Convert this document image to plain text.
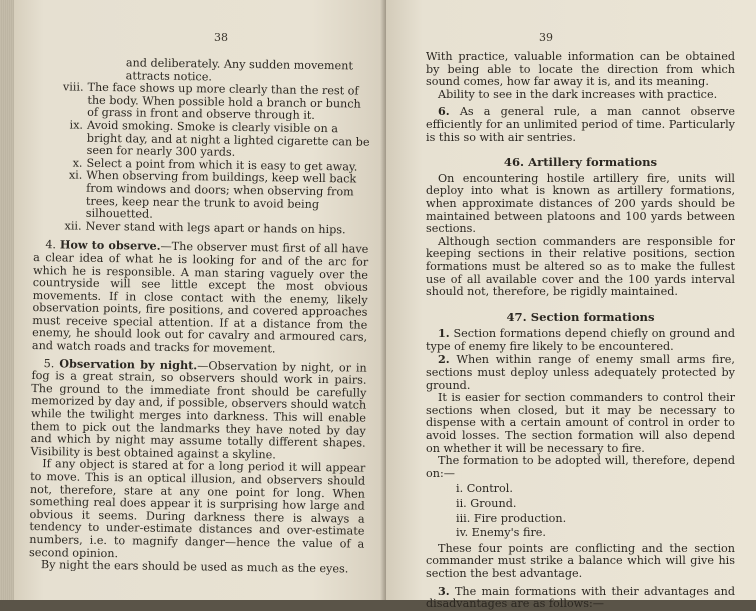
38

and deliberately. Any sudden movement

attracts notice.

viii. The face shows up more clearly than the rest of the body. When possible hold a branch or bunch of grass in front and observe through it.
ix. Avoid smoking. Smoke is clearly visible on a bright day, and at night a lighted cigarette can be seen for nearly 300 yards.
x. Select a point from which it is easy to get away.
xi. When observing from buildings, keep well back from windows and doors; when observing from trees, keep near the trunk to avoid being silhouetted.
xii. Never stand with legs apart or hands on hips.

4. How to observe.—The observer must first of all have a clear idea of what he is looking for and of the arc for which he is responsible. A man staring vaguely over the countryside will see little except the most obvious movements. If in close contact with the enemy, likely observation points, fire positions, and covered approaches must receive special attention. If at a distance from the enemy, he should look out for cavalry and armoured cars, and watch roads and tracks for movement.

5. Observation by night.—Observation by night, or in fog is a great strain, so observers should work in pairs. The ground to the immediate front should be carefully memorized by day and, if possible, observers should watch while the twilight merges into darkness. This will enable them to pick out the landmarks they have noted by day and which by night may assume totally different shapes. Visibility is best obtained against a skyline.

If any object is stared at for a long period it will appear to move. This is an optical illusion, and observers should not, therefore, stare at any one point for long. When something real does appear it is surprising how large and obvious it seems. During darkness there is always a tendency to under-estimate distances and over-estimate numbers, i.e. to magnify danger—hence the value of a second opinion.

By night the ears should be used as much as the eyes.

39

With practice, valuable information can be obtained by being able to locate the direction from which sound comes, how far away it is, and its meaning.

Ability to see in the dark increases with practice.

6. As a general rule, a man cannot observe efficiently for an unlimited period of time. Particularly is this so with air sentries.

46. Artillery formations

On encountering hostile artillery fire, units will deploy into what is known as artillery formations, when approximate distances of 200 yards should be maintained between platoons and 100 yards between sections.

Although section commanders are responsible for keeping sections in their relative positions, section formations must be altered so as to make the fullest use of all available cover and the 100 yards interval should not, therefore, be rigidly maintained.

47. Section formations

1. Section formations depend chiefly on ground and type of enemy fire likely to be encountered.

2. When within range of enemy small arms fire, sections must deploy unless adequately protected by ground.

It is easier for section commanders to control their sections when closed, but it may be necessary to dispense with a certain amount of control in order to avoid losses. The section formation will also depend on whether it will be necessary to fire.

The formation to be adopted will, therefore, depend on:—

i. Control.
ii. Ground.
iii. Fire production.
iv. Enemy's fire.

These four points are conflicting and the section commander must strike a balance which will give his section the best advantage.

3. The main formations with their advantages and disadvantages are as follows:—
